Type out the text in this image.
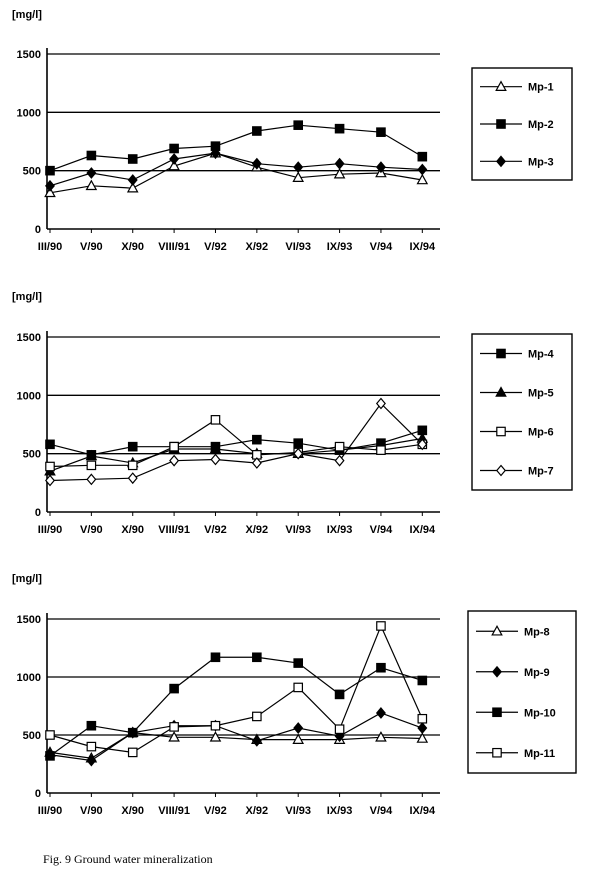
0
500
1000
1500
[mg/l]
III/90 V/90 X/90 VIII/91 V/92 X/92 VI/93 IX/93 V/94 IX/94
Mp-1
Mp-2
Mp-3
0
500
1000
1500
[mg/l]
III/90 V/90 X/90 VIII/91 V/92 X/92 VI/93 IX/93 V/94 IX/94
Mp-4
Mp-5
Mp-6
Mp-7
0
500
1000
1500
[mg/l]
III/90 V/90 X/90 VIII/91 V/92 X/92 VI/93 IX/93 V/94 IX/94
Mp-8
Mp-9
Mp-10
Mp-11
Fig. 9 Ground water mineralization
